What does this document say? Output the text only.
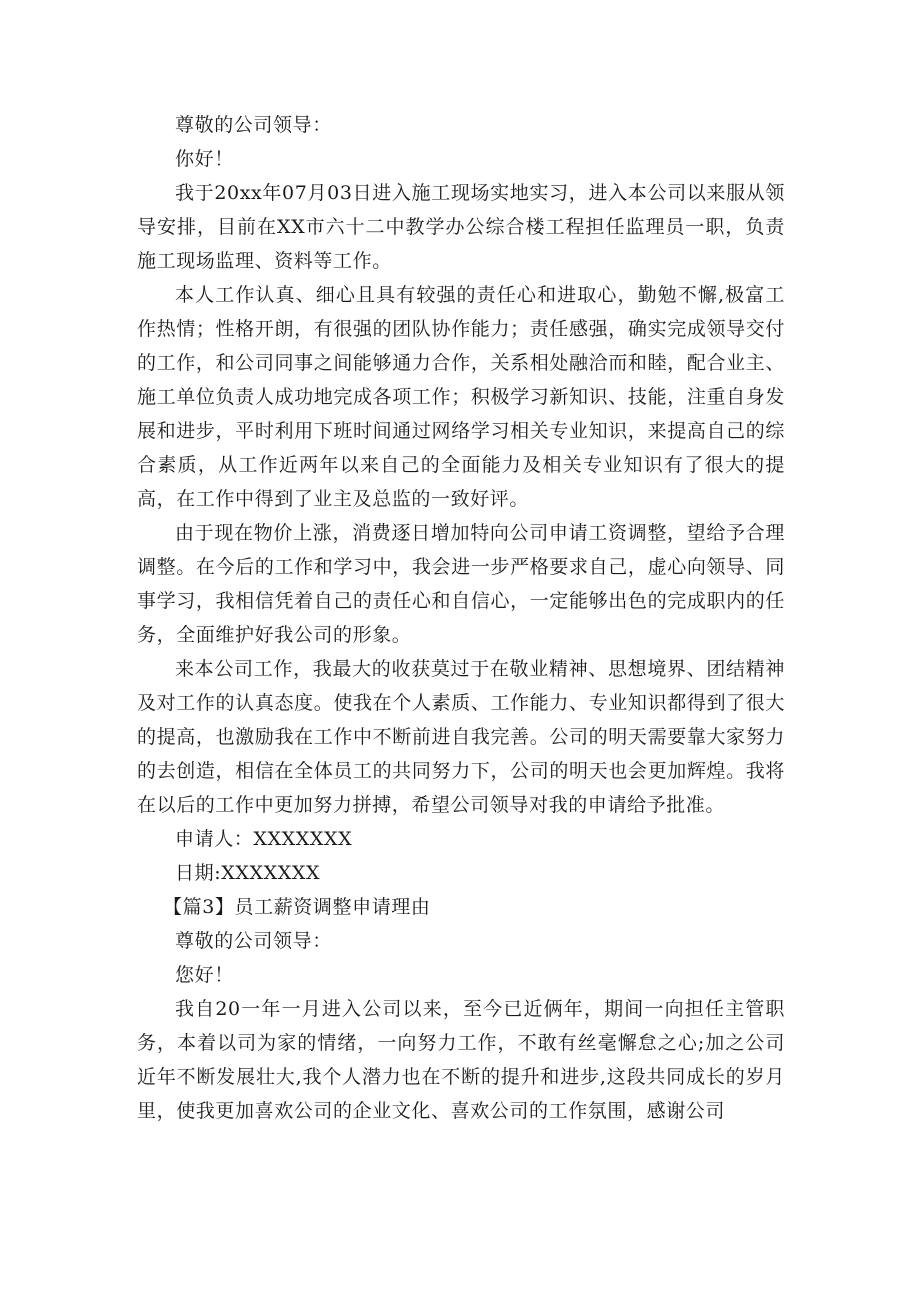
尊敬的公司领导：
你好！

我于20xx年07月03日进入施工现场实地实习，进入本公司以来服从领导安排，目前在XX市六十二中教学办公综合楼工程担任监理员一职，负责施工现场监理、资料等工作。

本人工作认真、细心且具有较强的责任心和进取心，勤勉不懈,极富工作热情；性格开朗，有很强的团队协作能力；责任感强，确实完成领导交付的工作，和公司同事之间能够通力合作，关系相处融洽而和睦，配合业主、施工单位负责人成功地完成各项工作；积极学习新知识、技能，注重自身发展和进步，平时利用下班时间通过网络学习相关专业知识，来提高自己的综合素质，从工作近两年以来自己的全面能力及相关专业知识有了很大的提高，在工作中得到了业主及总监的一致好评。

由于现在物价上涨，消费逐日增加特向公司申请工资调整，望给予合理调整。在今后的工作和学习中，我会进一步严格要求自己，虚心向领导、同事学习，我相信凭着自己的责任心和自信心，一定能够出色的完成职内的任务，全面维护好我公司的形象。

来本公司工作，我最大的收获莫过于在敬业精神、思想境界、团结精神及对工作的认真态度。使我在个人素质、工作能力、专业知识都得到了很大的提高，也激励我在工作中不断前进自我完善。公司的明天需要靠大家努力的去创造，相信在全体员工的共同努力下，公司的明天也会更加辉煌。我将在以后的工作中更加努力拼搏，希望公司领导对我的申请给予批准。

申请人：XXXXXXX
日期:XXXXXXX
【篇3】员工薪资调整申请理由
尊敬的公司领导：
您好！

我自20一年一月进入公司以来，至今已近俩年，期间一向担任主管职务，本着以司为家的情绪，一向努力工作，不敢有丝毫懈怠之心;加之公司近年不断发展壮大,我个人潜力也在不断的提升和进步,这段共同成长的岁月里，使我更加喜欢公司的企业文化、喜欢公司的工作氛围，感谢公司
